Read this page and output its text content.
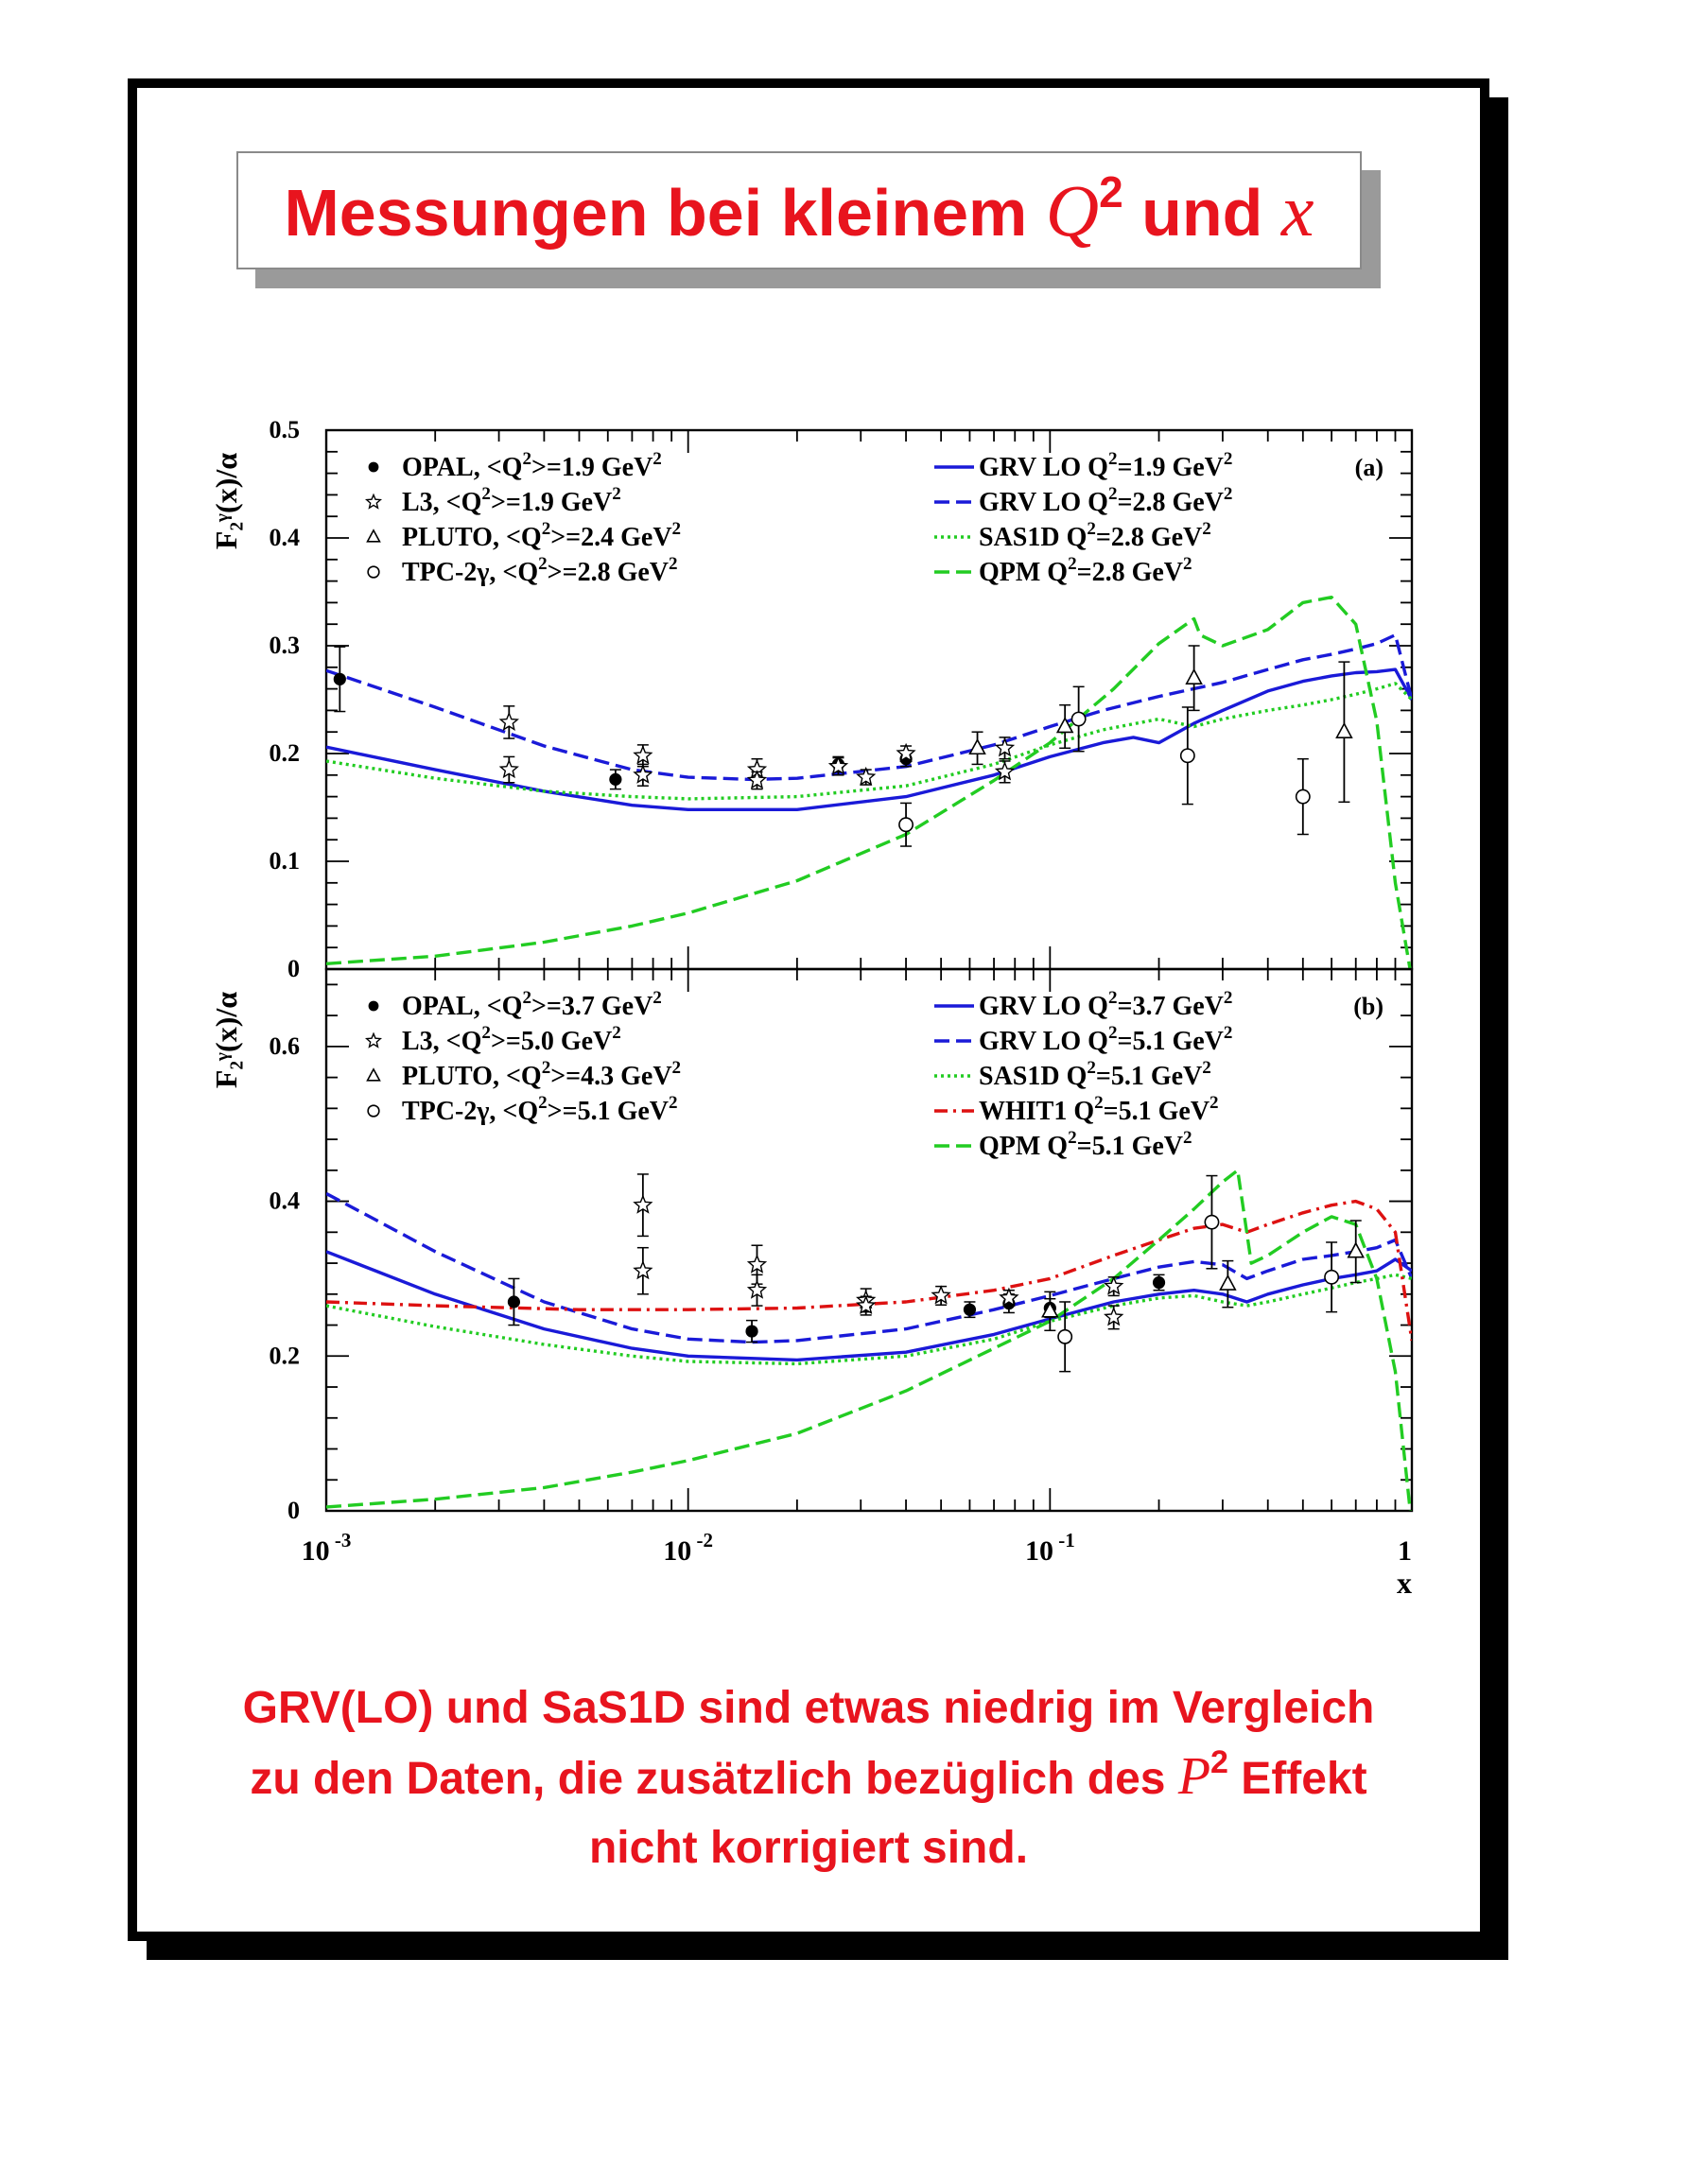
Messungen bei kleinem $Q^2$ und x
0
0.1
0.2
0.3
0.4
0.5
F₂ᵞ(x)/α	(a)
OPAL, $<Q^2>=1.9$ GeV$^2$
L3, $<Q^2>=1.9$ GeV$^2$
PLUTO, $<Q^2>=2.4$ GeV$^2$
TPC-2γ, $<Q^2>=2.8$ GeV$^2$
GRV LO $Q^2=1.9$ GeV$^2$
GRV LO $Q^2=2.8$ GeV$^2$
SAS1D $Q^2=2.8$ GeV$^2$
QPM $Q^2=2.8$ GeV$^2$
0
0.2
0.4
0.6
F₂ᵞ(x)/α	(b)
OPAL, $<Q^2>=3.7$ GeV$^2$
L3, $<Q^2>=5.0$ GeV$^2$
PLUTO, $<Q^2>=4.3$ GeV$^2$
TPC-2γ, $<Q^2>=5.1$ GeV$^2$
GRV LO $Q^2=3.7$ GeV$^2$
GRV LO $Q^2=5.1$ GeV$^2$
SAS1D $Q^2=5.1$ GeV$^2$
WHIT1 $Q^2=5.1$ GeV$^2$
QPM $Q^2=5.1$ GeV$^2$
10 $^{-3}$	10 $^{-2}$	10 $^{-1}$	1
x
GRV(LO) und SaS1D sind etwas niedrig im Vergleich
zu den Daten, die zusätzlich bezüglich des $P^2$ Effekt
nicht korrigiert sind.
